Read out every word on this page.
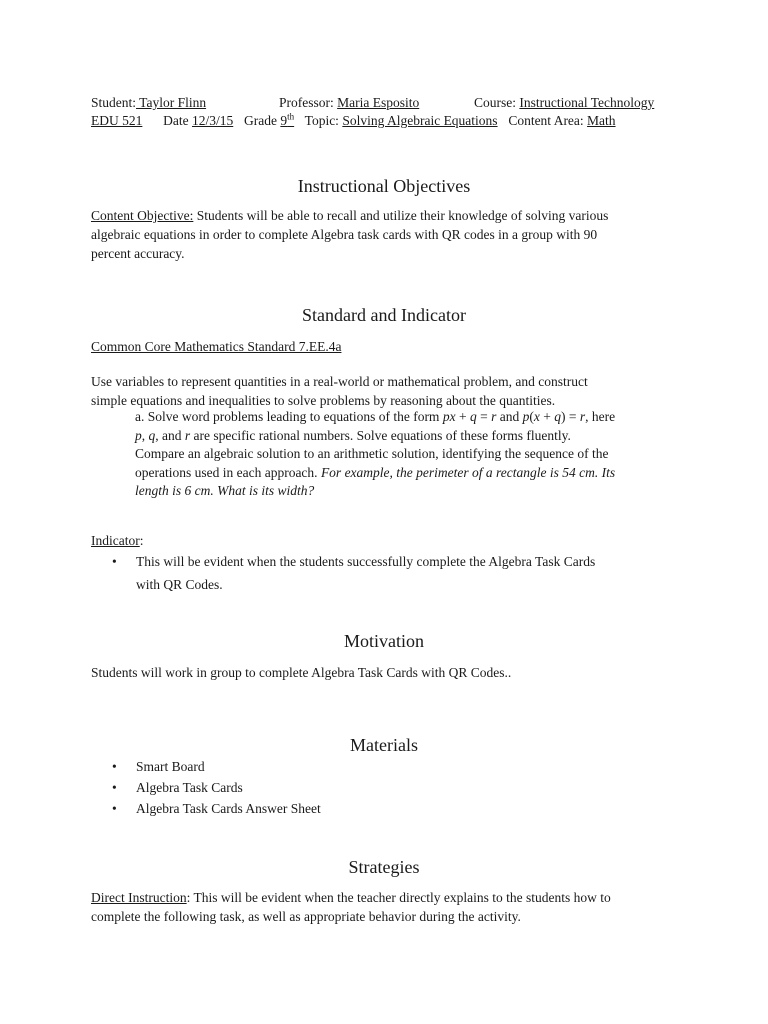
Student: Taylor Flinn	Professor: Maria Esposito	Course: Instructional Technology
EDU 521 Date 12/3/15 Grade 9th Topic: Solving Algebraic Equations Content Area: Math
Instructional Objectives
Content Objective: Students will be able to recall and utilize their knowledge of solving various
algebraic equations in order to complete Algebra task cards with QR codes in a group with 90
percent accuracy.
Standard and Indicator
Common Core Mathematics Standard 7.EE.4a
Use variables to represent quantities in a real-world or mathematical problem, and construct
simple equations and inequalities to solve problems by reasoning about the quantities.
a. Solve word problems leading to equations of the form px + q = r and p(x + q) = r, here
p, q, and r are specific rational numbers. Solve equations of these forms fluently.
Compare an algebraic solution to an arithmetic solution, identifying the sequence of the
operations used in each approach. For example, the perimeter of a rectangle is 54 cm. Its
length is 6 cm. What is its width?
Indicator:
• This will be evident when the students successfully complete the Algebra Task Cards
with QR Codes.
Motivation
Students will work in group to complete Algebra Task Cards with QR Codes..
Materials
• Smart Board
• Algebra Task Cards
• Algebra Task Cards Answer Sheet
Strategies
Direct Instruction: This will be evident when the teacher directly explains to the students how to
complete the following task, as well as appropriate behavior during the activity.
